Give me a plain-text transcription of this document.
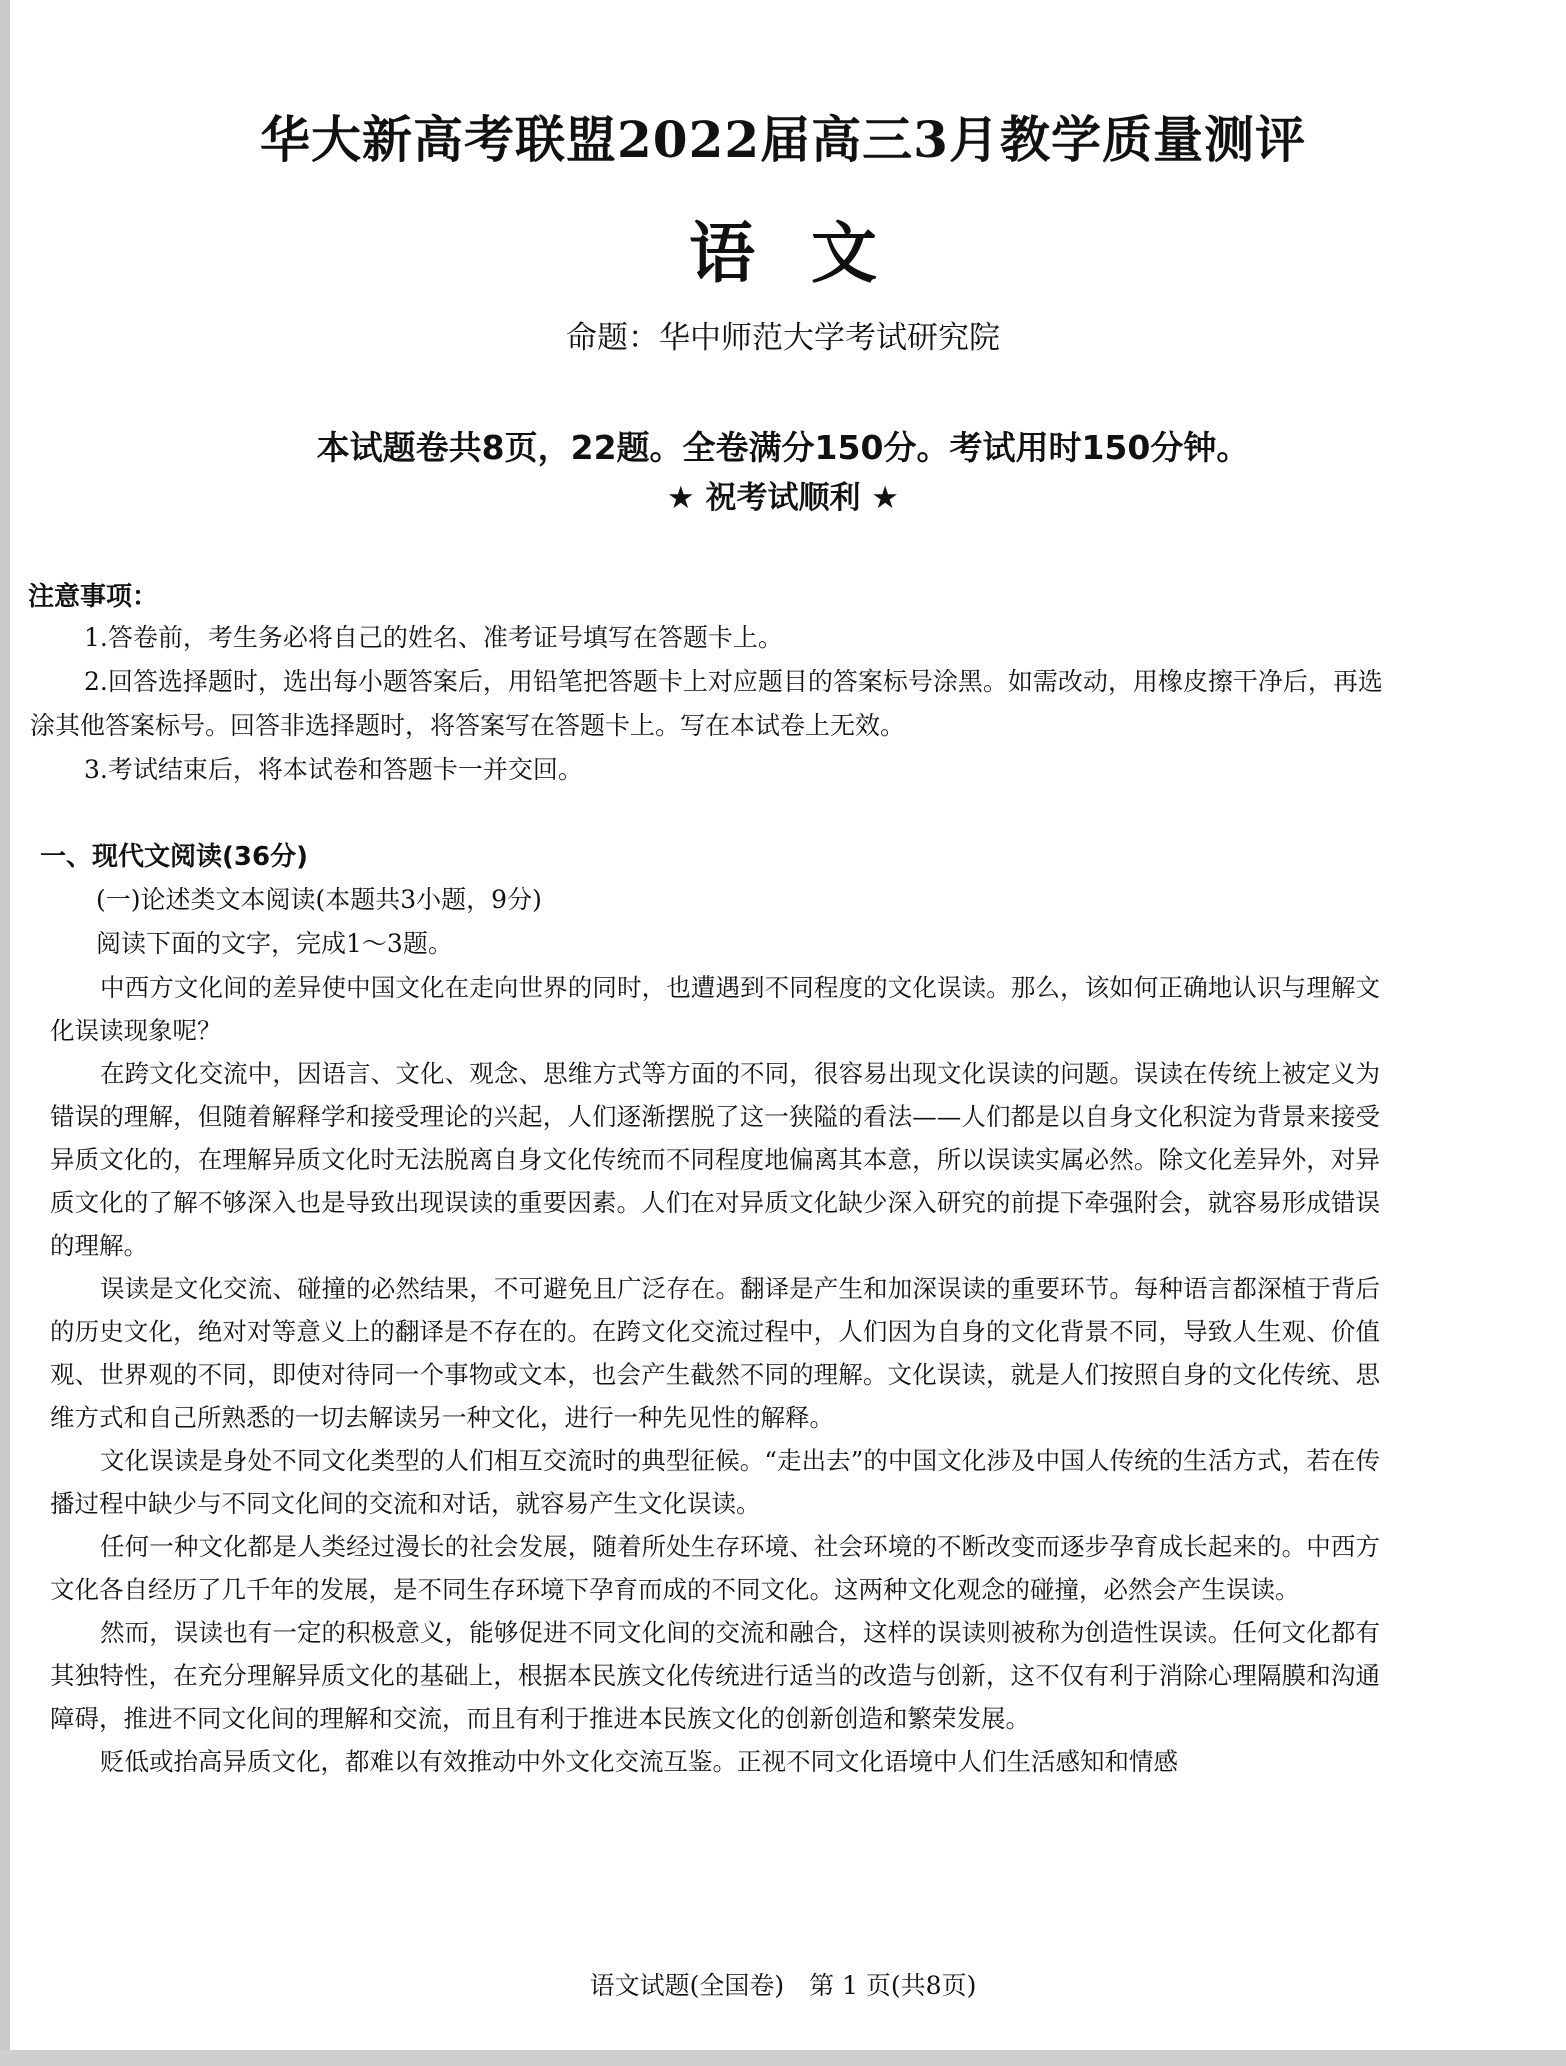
华大新高考联盟2022届高三3月教学质量测评
语文
命题：华中师范大学考试研究院
本试题卷共8页，22题。全卷满分150分。考试用时150分钟。
★ 祝考试顺利 ★
注意事项：

1.答卷前，考生务必将自己的姓名、准考证号填写在答题卡上。

2.回答选择题时，选出每小题答案后，用铅笔把答题卡上对应题目的答案标号涂黑。如需改动，用橡皮擦干净后，再选涂其他答案标号。回答非选择题时，将答案写在答题卡上。写在本试卷上无效。

3.考试结束后，将本试卷和答题卡一并交回。

一、现代文阅读(36分)
(一)论述类文本阅读(本题共3小题，9分)
阅读下面的文字，完成1～3题。

中西方文化间的差异使中国文化在走向世界的同时，也遭遇到不同程度的文化误读。那么，该如何正确地认识与理解文化误读现象呢？

在跨文化交流中，因语言、文化、观念、思维方式等方面的不同，很容易出现文化误读的问题。误读在传统上被定义为错误的理解，但随着解释学和接受理论的兴起，人们逐渐摆脱了这一狭隘的看法——人们都是以自身文化积淀为背景来接受异质文化的，在理解异质文化时无法脱离自身文化传统而不同程度地偏离其本意，所以误读实属必然。除文化差异外，对异质文化的了解不够深入也是导致出现误读的重要因素。人们在对异质文化缺少深入研究的前提下牵强附会，就容易形成错误的理解。

误读是文化交流、碰撞的必然结果，不可避免且广泛存在。翻译是产生和加深误读的重要环节。每种语言都深植于背后的历史文化，绝对对等意义上的翻译是不存在的。在跨文化交流过程中，人们因为自身的文化背景不同，导致人生观、价值观、世界观的不同，即使对待同一个事物或文本，也会产生截然不同的理解。文化误读，就是人们按照自身的文化传统、思维方式和自己所熟悉的一切去解读另一种文化，进行一种先见性的解释。

文化误读是身处不同文化类型的人们相互交流时的典型征候。“走出去”的中国文化涉及中国人传统的生活方式，若在传播过程中缺少与不同文化间的交流和对话，就容易产生文化误读。

任何一种文化都是人类经过漫长的社会发展，随着所处生存环境、社会环境的不断改变而逐步孕育成长起来的。中西方文化各自经历了几千年的发展，是不同生存环境下孕育而成的不同文化。这两种文化观念的碰撞，必然会产生误读。

然而，误读也有一定的积极意义，能够促进不同文化间的交流和融合，这样的误读则被称为创造性误读。任何文化都有其独特性，在充分理解异质文化的基础上，根据本民族文化传统进行适当的改造与创新，这不仅有利于消除心理隔膜和沟通障碍，推进不同文化间的理解和交流，而且有利于推进本民族文化的创新创造和繁荣发展。

贬低或抬高异质文化，都难以有效推动中外文化交流互鉴。正视不同文化语境中人们生活感知和情感

语文试题(全国卷)　第 1 页(共8页)
